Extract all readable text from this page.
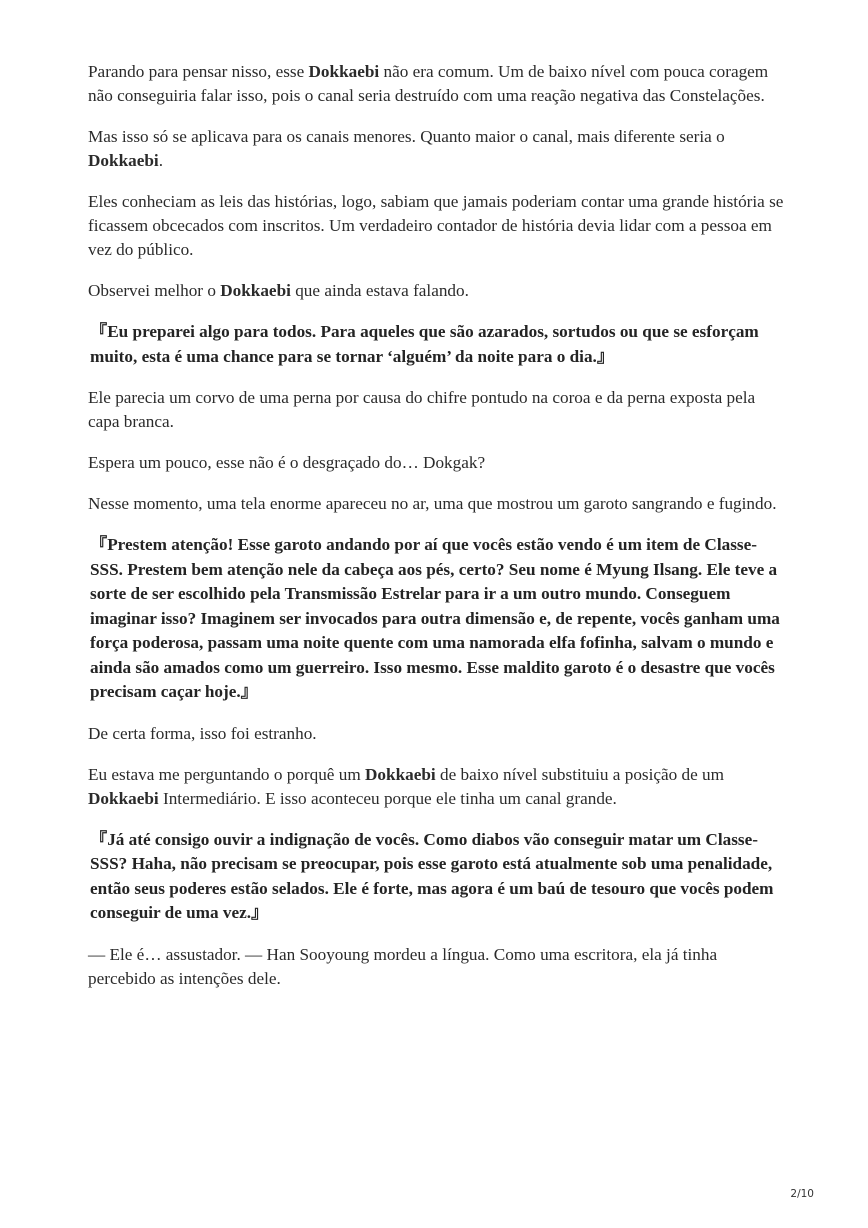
Parando para pensar nisso, esse Dokkaebi não era comum. Um de baixo nível com pouca coragem não conseguiria falar isso, pois o canal seria destruído com uma reação negativa das Constelações.

Mas isso só se aplicava para os canais menores. Quanto maior o canal, mais diferente seria o Dokkaebi.

Eles conheciam as leis das histórias, logo, sabiam que jamais poderiam contar uma grande história se ficassem obcecados com inscritos. Um verdadeiro contador de história devia lidar com a pessoa em vez do público.

Observei melhor o Dokkaebi que ainda estava falando.

『Eu preparei algo para todos. Para aqueles que são azarados, sortudos ou que se esforçam muito, esta é uma chance para se tornar ‘alguém’ da noite para o dia.』

Ele parecia um corvo de uma perna por causa do chifre pontudo na coroa e da perna exposta pela capa branca.

Espera um pouco, esse não é o desgraçado do… Dokgak?

Nesse momento, uma tela enorme apareceu no ar, uma que mostrou um garoto sangrando e fugindo.

『Prestem atenção! Esse garoto andando por aí que vocês estão vendo é um item de Classe-SSS. Prestem bem atenção nele da cabeça aos pés, certo? Seu nome é Myung Ilsang. Ele teve a sorte de ser escolhido pela Transmissão Estrelar para ir a um outro mundo. Conseguem imaginar isso? Imaginem ser invocados para outra dimensão e, de repente, vocês ganham uma força poderosa, passam uma noite quente com uma namorada elfa fofinha, salvam o mundo e ainda são amados como um guerreiro. Isso mesmo. Esse maldito garoto é o desastre que vocês precisam caçar hoje.』

De certa forma, isso foi estranho.

Eu estava me perguntando o porquê um Dokkaebi de baixo nível substituiu a posição de um Dokkaebi Intermediário. E isso aconteceu porque ele tinha um canal grande.

『Já até consigo ouvir a indignação de vocês. Como diabos vão conseguir matar um Classe-SSS? Haha, não precisam se preocupar, pois esse garoto está atualmente sob uma penalidade, então seus poderes estão selados. Ele é forte, mas agora é um baú de tesouro que vocês podem conseguir de uma vez.』

— Ele é… assustador. — Han Sooyoung mordeu a língua. Como uma escritora, ela já tinha percebido as intenções dele.

2/10
